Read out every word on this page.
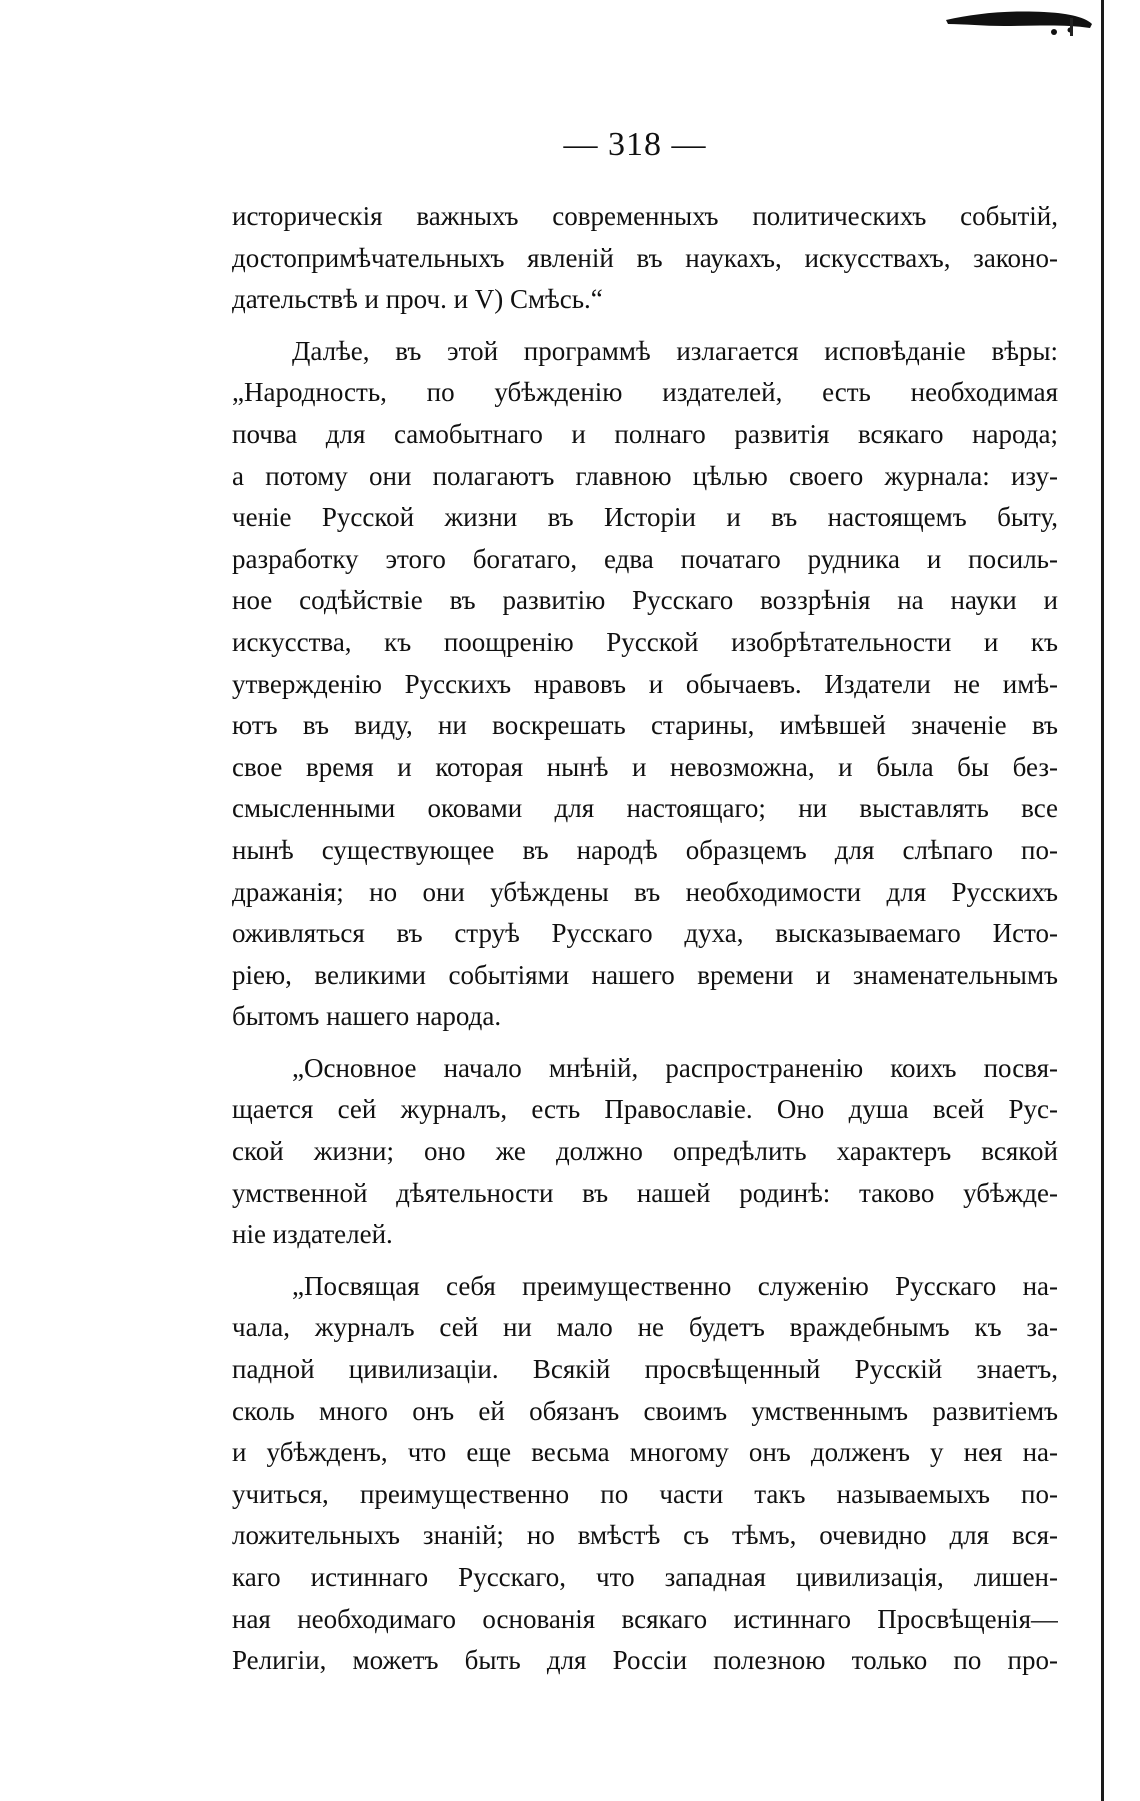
— 318 —
историческія важныхъ современныхъ политическихъ событій,
достопримѣчательныхъ явленій въ наукахъ, искусствахъ, законо-
дательствѣ и проч. и V) Смѣсь.“
Далѣе, въ этой программѣ излагается исповѣданіе вѣры:
„Народность, по убѣжденію издателей, есть необходимая
почва для самобытнаго и полнаго развитія всякаго народа;
а потому они полагаютъ главною цѣлью своего журнала: изу-
ченіе Русской жизни въ Исторіи и въ настоящемъ быту,
разработку этого богатаго, едва початаго рудника и посиль-
ное содѣйствіе въ развитію Русскаго воззрѣнія на науки и
искусства, къ поощренію Русской изобрѣтательности и къ
утвержденію Русскихъ нравовъ и обычаевъ. Издатели не имѣ-
ютъ въ виду, ни воскрешать старины, имѣвшей значеніе въ
свое время и которая нынѣ и невозможна, и была бы без-
смысленными оковами для настоящаго; ни выставлять все
нынѣ существующее въ народѣ образцемъ для слѣпаго по-
дражанія; но они убѣждены въ необходимости для Русскихъ
оживляться въ струѣ Русскаго духа, высказываемаго Исто-
ріею, великими событіями нашего времени и знаменательнымъ
бытомъ нашего народа.
„Основное начало мнѣній, распространенію коихъ посвя-
щается сей журналъ, есть Православіе. Оно душа всей Рус-
ской жизни; оно же должно опредѣлить характеръ всякой
умственной дѣятельности въ нашей родинѣ: таково убѣжде-
ніе издателей.
„Посвящая себя преимущественно служенію Русскаго на-
чала, журналъ сей ни мало не будетъ враждебнымъ къ за-
падной цивилизаціи. Всякій просвѣщенный Русскій знаетъ,
сколь много онъ ей обязанъ своимъ умственнымъ развитіемъ
и убѣжденъ, что еще весьма многому онъ долженъ у нея на-
учиться, преимущественно по части такъ называемыхъ по-
ложительныхъ знаній; но вмѣстѣ съ тѣмъ, очевидно для вся-
каго истиннаго Русскаго, что западная цивилизація, лишен-
ная необходимаго основанія всякаго истиннаго Просвѣщенія—
Религіи, можетъ быть для Россіи полезною только по про-
